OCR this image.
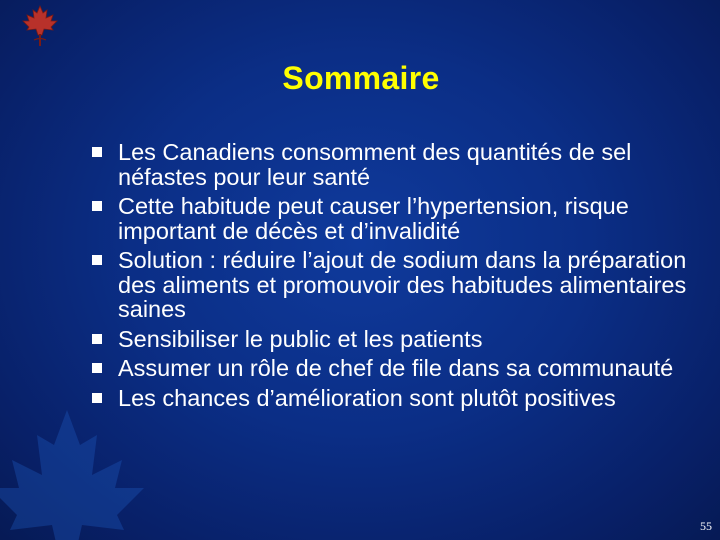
Sommaire
Les Canadiens consomment des quantités de sel néfastes pour leur santé
Cette habitude peut causer l’hypertension, risque important de décès et d’invalidité
Solution : réduire l’ajout de sodium dans la préparation des aliments et promouvoir des habitudes alimentaires saines
Sensibiliser le public et les patients
Assumer un rôle de chef de file dans sa communauté
Les chances d’amélioration sont plutôt positives
55
